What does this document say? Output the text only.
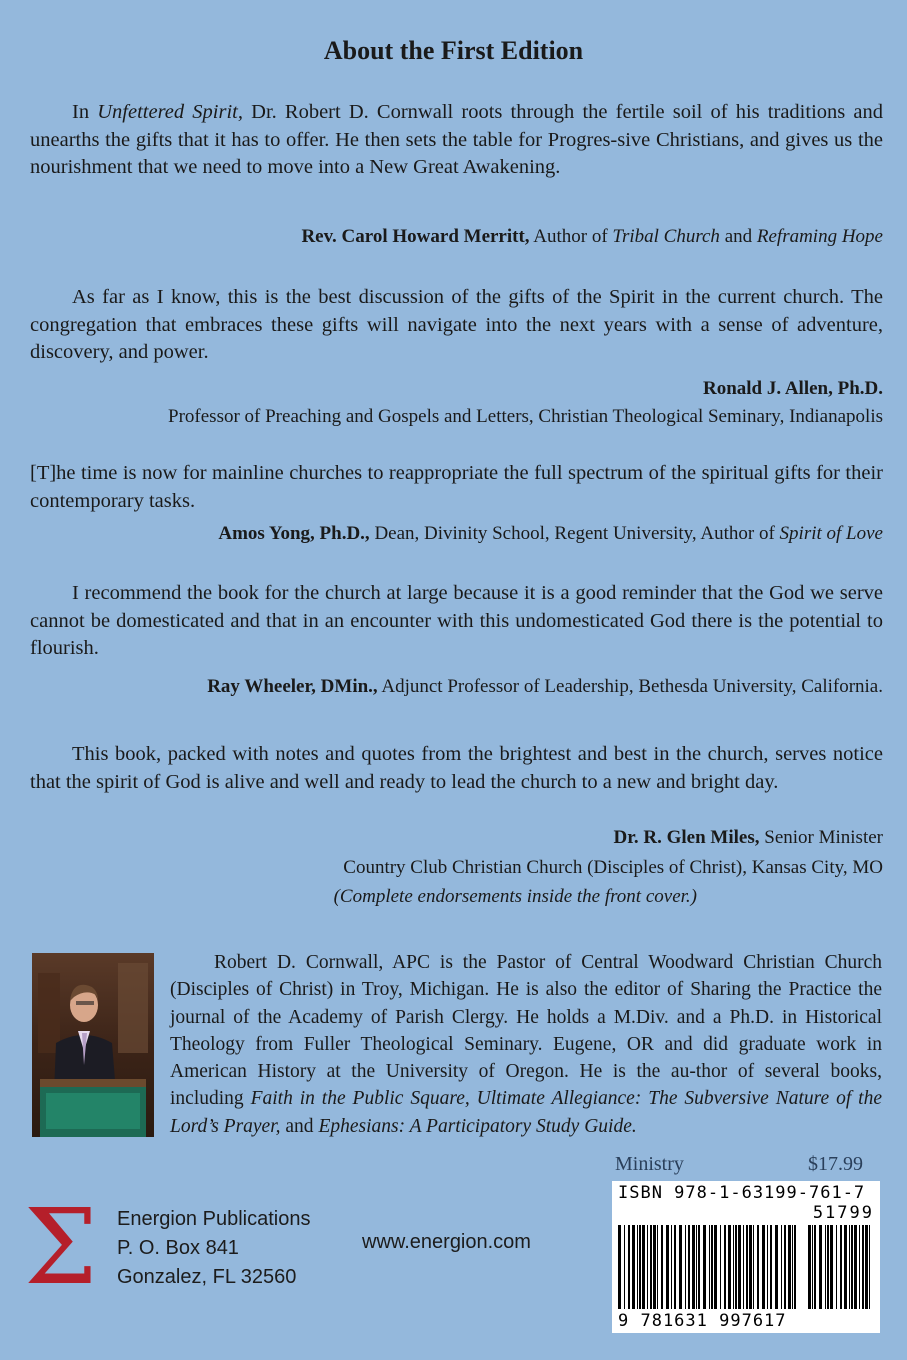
About the First Edition
In Unfettered Spirit, Dr. Robert D. Cornwall roots through the fertile soil of his traditions and unearths the gifts that it has to offer. He then sets the table for Progres-sive Christians, and gives us the nourishment that we need to move into a New Great Awakening.
Rev. Carol Howard Merritt, Author of Tribal Church and Reframing Hope
As far as I know, this is the best discussion of the gifts of the Spirit in the current church. The congregation that embraces these gifts will navigate into the next years with a sense of adventure, discovery, and power.
Ronald J. Allen, Ph.D.
Professor of Preaching and Gospels and Letters, Christian Theological Seminary, Indianapolis
[T]he time is now for mainline churches to reappropriate the full spectrum of the spiritual gifts for their contemporary tasks.
Amos Yong, Ph.D., Dean, Divinity School, Regent University, Author of Spirit of Love
I recommend the book for the church at large because it is a good reminder that the God we serve cannot be domesticated and that in an encounter with this undomesticated God there is the potential to flourish.
Ray Wheeler, DMin., Adjunct Professor of Leadership, Bethesda University, California.
This book, packed with notes and quotes from the brightest and best in the church, serves notice that the spirit of God is alive and well and ready to lead the church to a new and bright day.
Dr. R. Glen Miles, Senior Minister
Country Club Christian Church (Disciples of Christ), Kansas City, MO
(Complete endorsements inside the front cover.)
Robert D. Cornwall, APC is the Pastor of Central Woodward Christian Church (Disciples of Christ) in Troy, Michigan. He is also the editor of Sharing the Practice the journal of the Academy of Parish Clergy. He holds a M.Div. and a Ph.D. in Historical Theology from Fuller Theological Seminary. Eugene, OR and did graduate work in American History at the University of Oregon. He is the au-thor of several books, including Faith in the Public Square, Ultimate Allegiance: The Subversive Nature of the Lord’s Prayer, and Ephesians: A Participatory Study Guide.
Σ Energion Publications
P. O. Box 841
Gonzalez, FL 32560
www.energion.com
Ministry	$17.99
ISBN 978-1-63199-761-7
51799
9 781631 997617
